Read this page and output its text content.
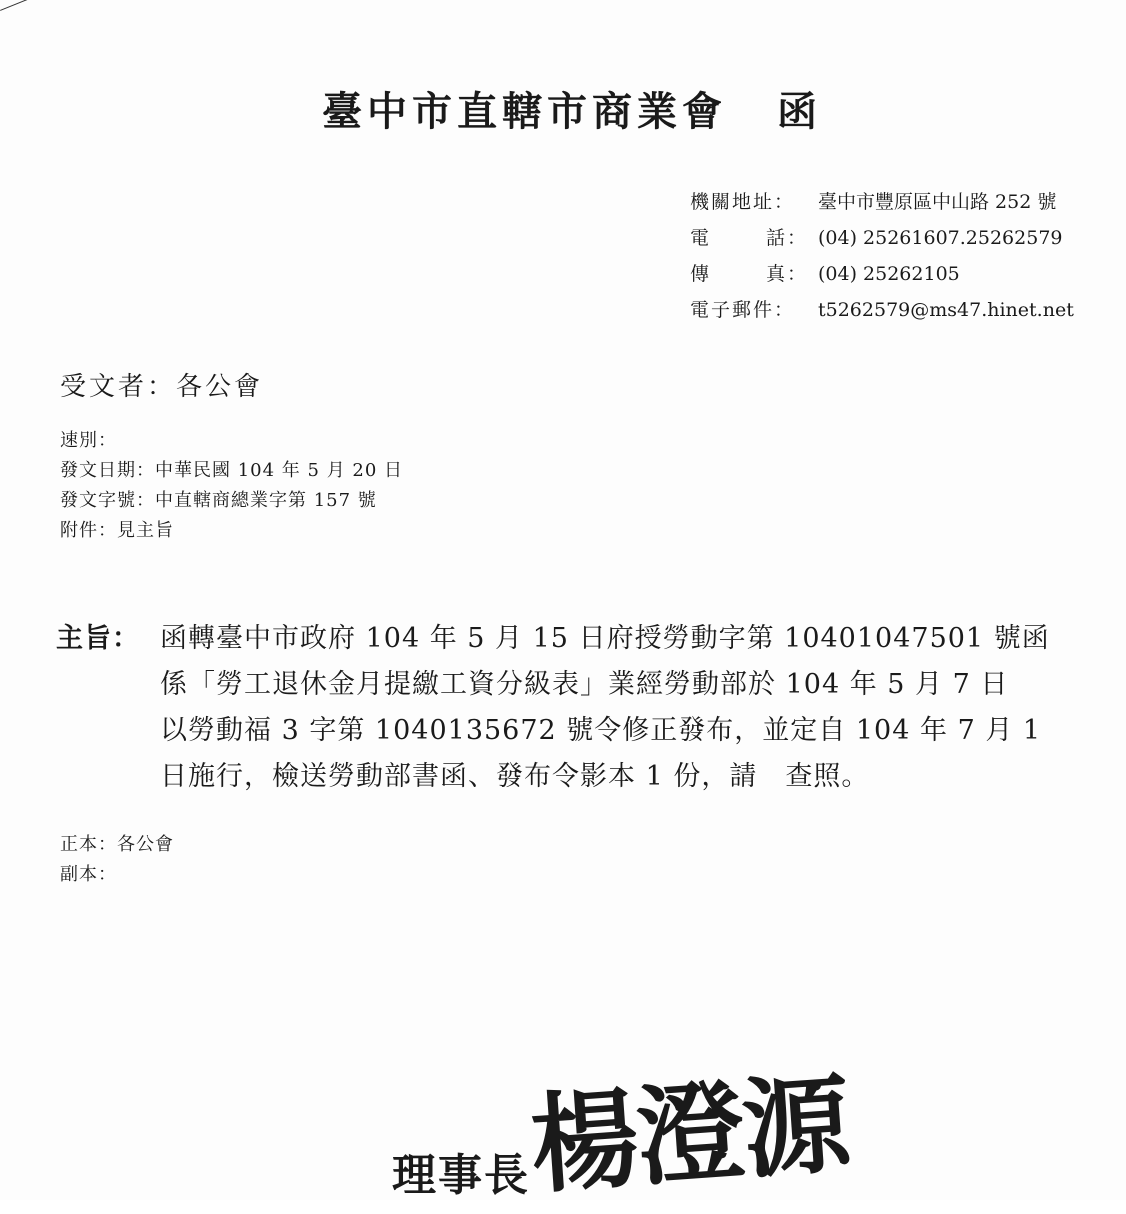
臺中市直轄市商業會 函
機關地址：	臺中市豐原區中山路 252 號
電	話： (04) 25261607.25262579
傳	真： (04) 25262105
電子郵件：	t5262579@ms47.hinet.net
受文者：各公會
速別：
發文日期：中華民國 104 年 5 月 20 日
發文字號：中直轄商總業字第 157 號
附件：見主旨
主旨： 函轉臺中市政府 104 年 5 月 15 日府授勞動字第 10401047501 號函
係「勞工退休金月提繳工資分級表」業經勞動部於 104 年 5 月 7 日
以勞動福 3 字第 1040135672 號令修正發布，並定自 104 年 7 月 1
日施行，檢送勞動部書函、發布令影本 1 份，請　查照。
正本：各公會
副本：
理事長楊澄源
